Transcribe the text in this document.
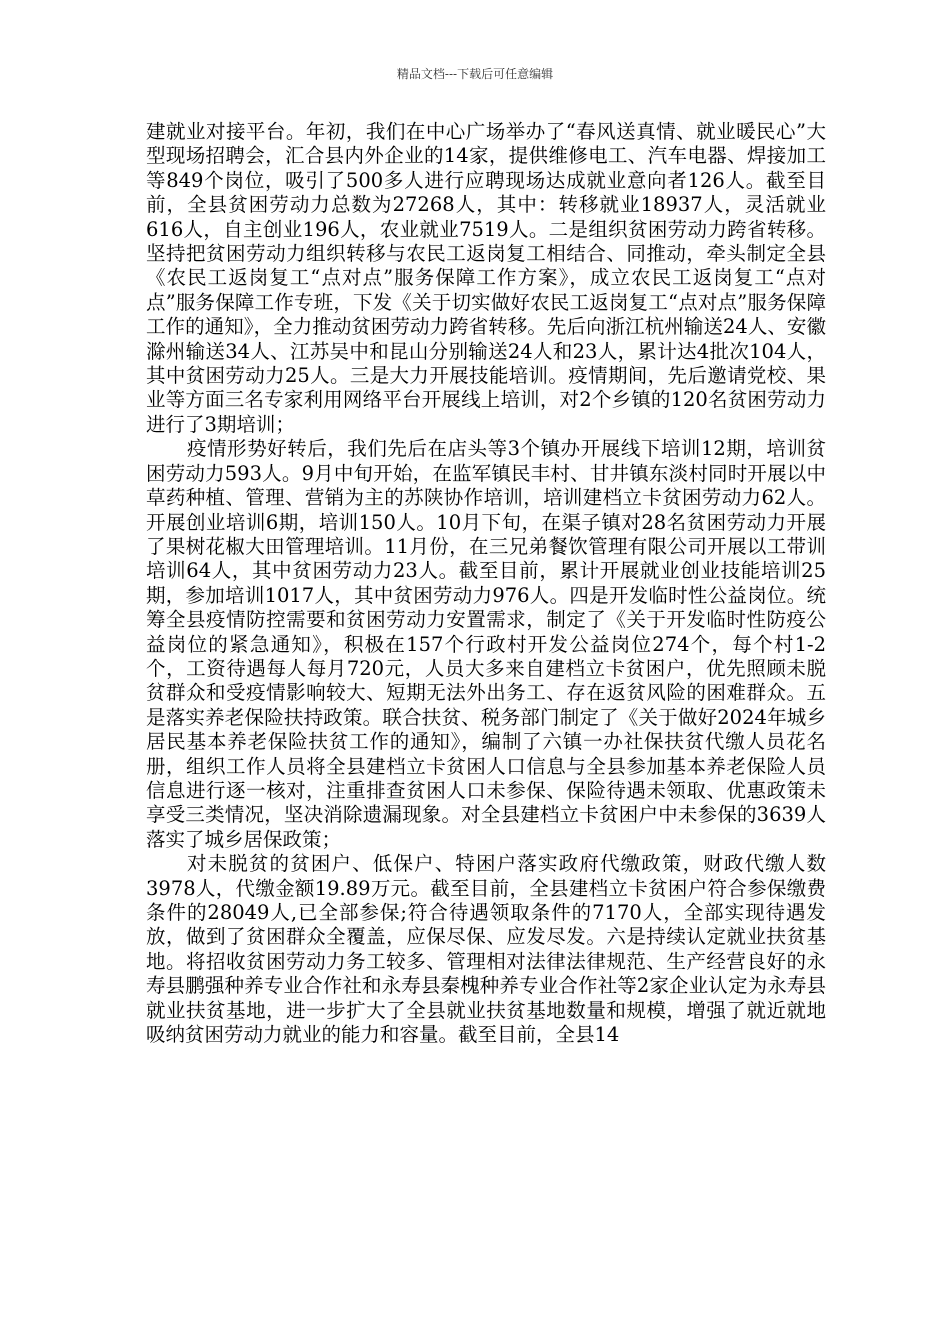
精品文档---下载后可任意编辑

建就业对接平台。年初，我们在中心广场举办了“春风送真情、就业暖民心”大型现场招聘会，汇合县内外企业的14家，提供维修电工、汽车电器、焊接加工等849个岗位，吸引了500多人进行应聘现场达成就业意向者126人。截至目前，全县贫困劳动力总数为27268人，其中：转移就业18937人，灵活就业616人，自主创业196人，农业就业7519人。二是组织贫困劳动力跨省转移。坚持把贫困劳动力组织转移与农民工返岗复工相结合、同推动，牵头制定全县《农民工返岗复工“点对点”服务保障工作方案》，成立农民工返岗复工“点对点”服务保障工作专班，下发《关于切实做好农民工返岗复工“点对点”服务保障工作的通知》，全力推动贫困劳动力跨省转移。先后向浙江杭州输送24人、安徽滁州输送34人、江苏吴中和昆山分别输送24人和23人，累计达4批次104人，其中贫困劳动力25人。三是大力开展技能培训。疫情期间，先后邀请党校、果业等方面三名专家利用网络平台开展线上培训，对2个乡镇的120名贫困劳动力进行了3期培训；

疫情形势好转后，我们先后在店头等3个镇办开展线下培训12期，培训贫困劳动力593人。9月中旬开始，在监军镇民丰村、甘井镇东淡村同时开展以中草药种植、管理、营销为主的苏陕协作培训，培训建档立卡贫困劳动力62人。开展创业培训6期，培训150人。10月下旬，在渠子镇对28名贫困劳动力开展了果树花椒大田管理培训。11月份，在三兄弟餐饮管理有限公司开展以工带训培训64人，其中贫困劳动力23人。截至目前，累计开展就业创业技能培训25期，参加培训1017人，其中贫困劳动力976人。四是开发临时性公益岗位。统筹全县疫情防控需要和贫困劳动力安置需求，制定了《关于开发临时性防疫公益岗位的紧急通知》，积极在157个行政村开发公益岗位274个，每个村1-2个，工资待遇每人每月720元，人员大多来自建档立卡贫困户，优先照顾未脱贫群众和受疫情影响较大、短期无法外出务工、存在返贫风险的困难群众。五是落实养老保险扶持政策。联合扶贫、税务部门制定了《关于做好2024年城乡居民基本养老保险扶贫工作的通知》，编制了六镇一办社保扶贫代缴人员花名册，组织工作人员将全县建档立卡贫困人口信息与全县参加基本养老保险人员信息进行逐一核对，注重排查贫困人口未参保、保险待遇未领取、优惠政策未享受三类情况，坚决消除遗漏现象。对全县建档立卡贫困户中未参保的3639人落实了城乡居保政策；

对未脱贫的贫困户、低保户、特困户落实政府代缴政策，财政代缴人数3978人，代缴金额19.89万元。截至目前，全县建档立卡贫困户符合参保缴费条件的28049人,已全部参保;符合待遇领取条件的7170人，全部实现待遇发放，做到了贫困群众全覆盖，应保尽保、应发尽发。六是持续认定就业扶贫基地。将招收贫困劳动力务工较多、管理相对法律法律规范、生产经营良好的永寿县鹏强种养专业合作社和永寿县秦槐种养专业合作社等2家企业认定为永寿县就业扶贫基地，进一步扩大了全县就业扶贫基地数量和规模，增强了就近就地吸纳贫困劳动力就业的能力和容量。截至目前，全县14
